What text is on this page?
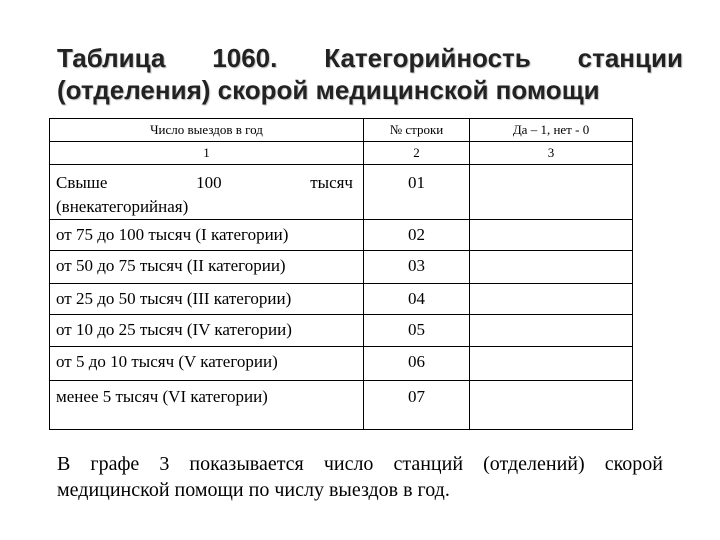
Таблица 1060. Категорийность станции
(отделения) скорой медицинской помощи
Число выездов в год	№ строки	Да – 1, нет - 0
1	2	3

Свыше 100 тысяч
(внекатегорийная)	01	
от 75 до 100 тысяч (I категории)	02	
от 50 до 75 тысяч (II категории)	03	
от 25 до 50 тысяч (III категории)	04	
от 10 до 25 тысяч (IV категории)	05	
от 5 до 10 тысяч (V категории)	06	
менее 5 тысяч (VI категории)	07	
В графе 3 показывается число станций (отделений) скорой медицинской помощи по числу выездов в год.
